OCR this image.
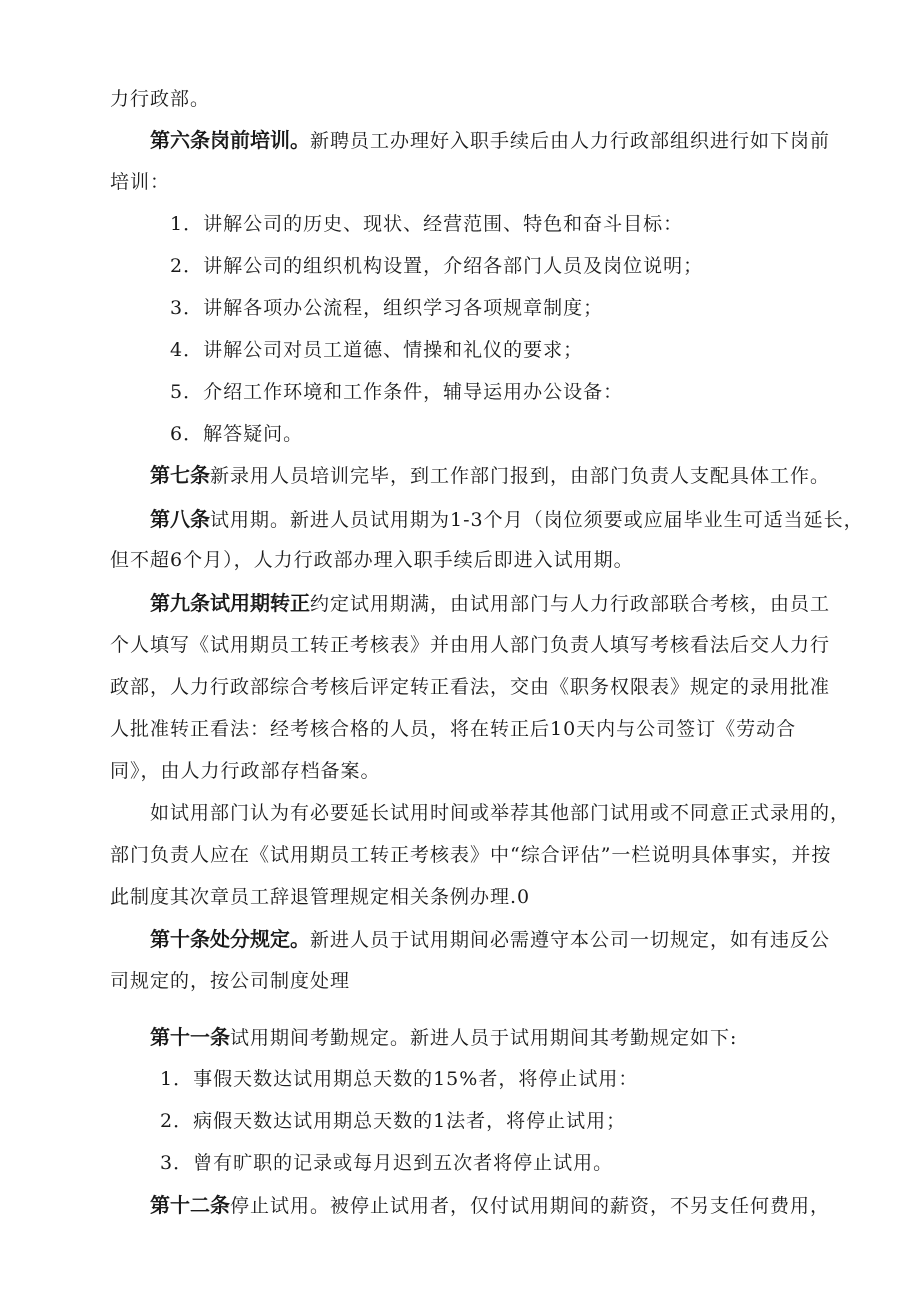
力行政部。
第六条岗前培训。新聘员工办理好入职手续后由人力行政部组织进行如下岗前
培训：
1．讲解公司的历史、现状、经营范围、特色和奋斗目标：
2．讲解公司的组织机构设置，介绍各部门人员及岗位说明；
3．讲解各项办公流程，组织学习各项规章制度；
4．讲解公司对员工道德、情操和礼仪的要求；
5．介绍工作环境和工作条件，辅导运用办公设备：
6．解答疑问。
第七条新录用人员培训完毕，到工作部门报到，由部门负责人支配具体工作。
第八条试用期。新进人员试用期为1-3个月（岗位须要或应届毕业生可适当延长，
但不超6个月），人力行政部办理入职手续后即进入试用期。
第九条试用期转正约定试用期满，由试用部门与人力行政部联合考核，由员工
个人填写《试用期员工转正考核表》并由用人部门负责人填写考核看法后交人力行
政部，人力行政部综合考核后评定转正看法，交由《职务权限表》规定的录用批准
人批准转正看法：经考核合格的人员，将在转正后10天内与公司签订《劳动合
同》，由人力行政部存档备案。
如试用部门认为有必要延长试用时间或举荐其他部门试用或不同意正式录用的，
部门负责人应在《试用期员工转正考核表》中“综合评估”一栏说明具体事实，并按
此制度其次章员工辞退管理规定相关条例办理.0
第十条处分规定。新进人员于试用期间必需遵守本公司一切规定，如有违反公
司规定的，按公司制度处理
第十一条试用期间考勤规定。新进人员于试用期间其考勤规定如下:
1．事假天数达试用期总天数的15%者，将停止试用：
2．病假天数达试用期总天数的1法者，将停止试用；
3．曾有旷职的记录或每月迟到五次者将停止试用。
第十二条停止试用。被停止试用者，仅付试用期间的薪资，不另支任何费用，
